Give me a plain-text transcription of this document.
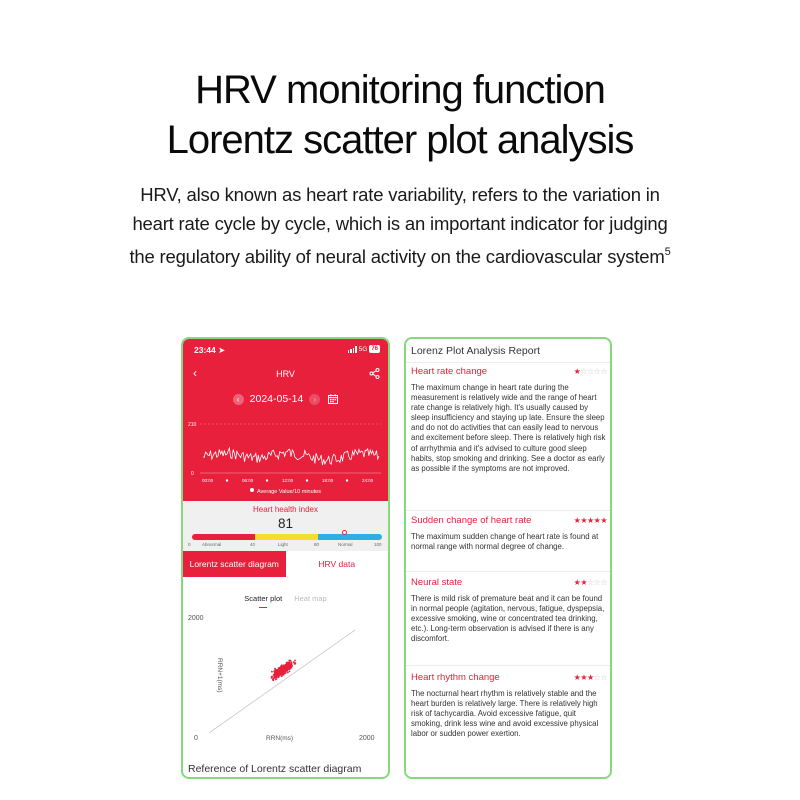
HRV monitoring function
Lorentz scatter plot analysis
HRV, also known as heart rate variability, refers to the variation in heart rate cycle by cycle, which is an important indicator for judging the regulatory ability of neural activity on the cardiovascular system$^5$
23:44 ➤	5G 76
‹	HRV
‹ 2024-05-14	›
210
0
00:00	06:00	12:00	18:00	24:00
Average Value/10 minutes
Heart health index
81
0	Abnormal	40	Light	80	Normal	100
Lorentz scatter diagram	HRV data
Scatter plot Heat map
2000
0	2000
RRN(ms)
RRN+1(ms)
Reference of Lorentz scatter diagram
Lorenz Plot Analysis Report
Heart rate change	★☆☆☆☆
The maximum change in heart rate during the measurement is relatively wide and the range of heart rate change is relatively high. It's usually caused by sleep insufficiency and staying up late. Ensure the sleep and do not do activities that can easily lead to nervous and excitement before sleep. There is relatively high risk of arrhythmia and it's advised to culture good sleep habits, stop smoking and drinking. See a doctor as early as possible if the symptoms are not improved.
Sudden change of heart rate	★★★★★
The maximum sudden change of heart rate is found at normal range with normal degree of change.
Neural state	★★☆☆☆
There is mild risk of premature beat and it can be found in normal people (agitation, nervous, fatigue, dyspepsia, excessive smoking, wine or concentrated tea drinking, etc.). Long-term observation is advised if there is any discomfort.
Heart rhythm change	★★★☆☆
The nocturnal heart rhythm is relatively stable and the heart burden is relatively large. There is relatively high risk of tachycardia. Avoid excessive fatigue, quit smoking, drink less wine and avoid excessive physical labor or sudden power exertion.
